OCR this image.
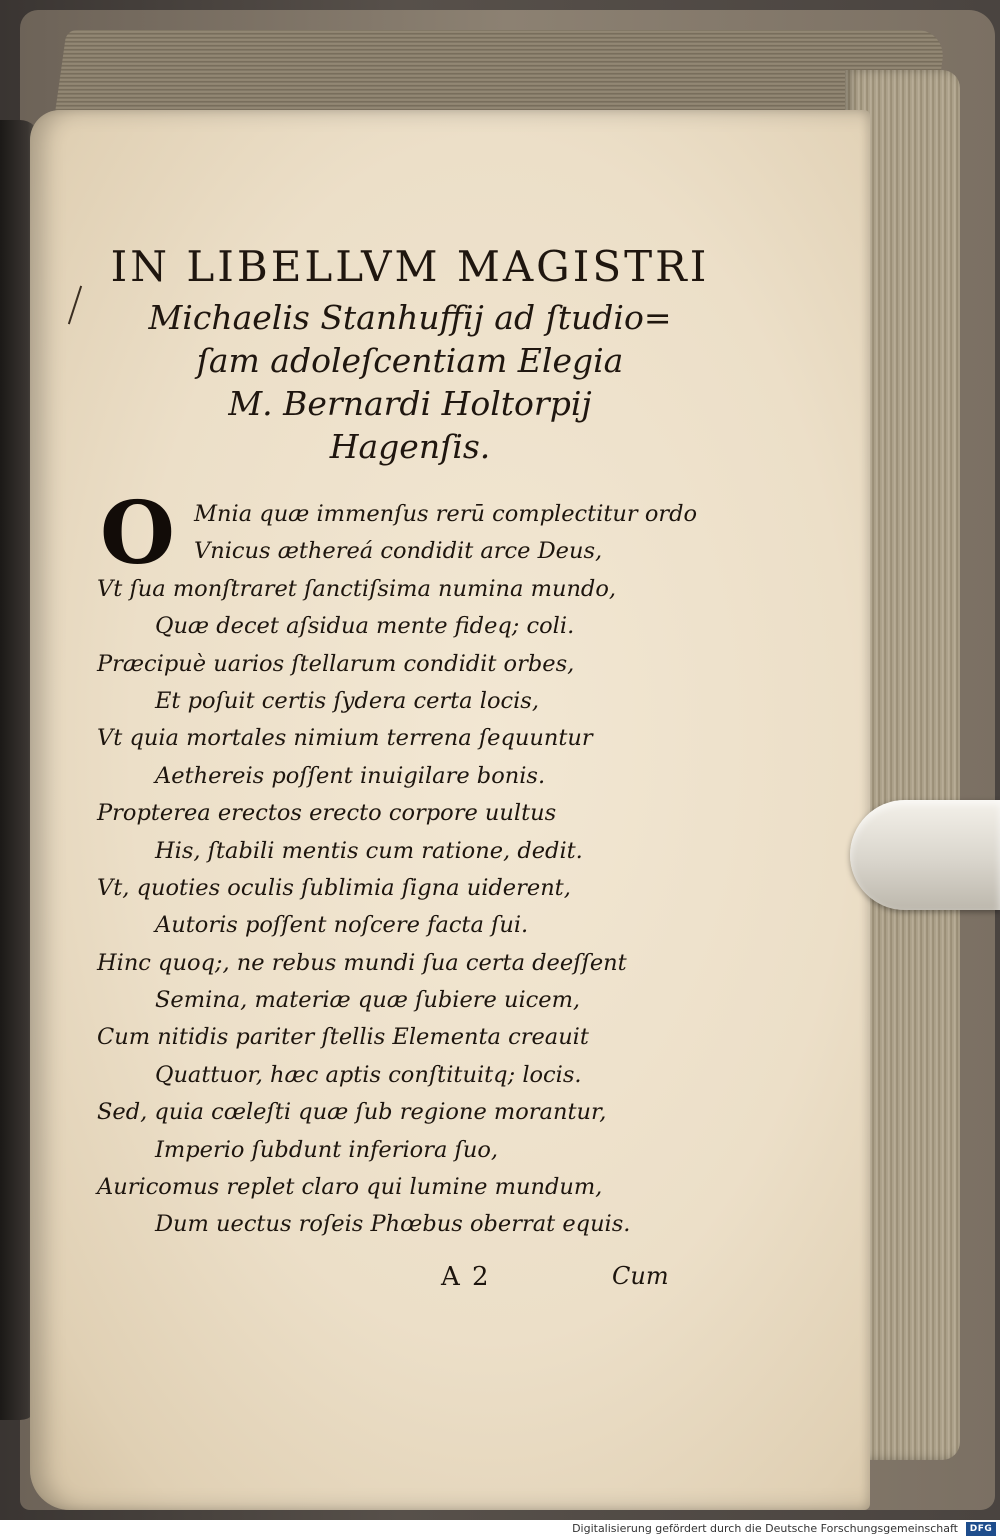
IN LIBELLVM MAGISTRI
Michaelis Stanhuffij ad ſtudio=
ſam adoleſcentiam Elegia
M. Bernardi Holtorpij
Hagenſis.
O Mnia quæ immenſus rerū complectitur ordo
Vnicus æthereá condidit arce Deus,
Vt ſua monſtraret ſanctiſsima numina mundo,
Quæ decet aſsidua mente fideq; coli.
Præcipuè uarios ſtellarum condidit orbes,
Et poſuit certis ſydera certa locis,
Vt quia mortales nimium terrena ſequuntur
Aethereis poſſent inuigilare bonis.
Propterea erectos erecto corpore uultus
His, ſtabili mentis cum ratione, dedit.
Vt, quoties oculis ſublimia ſigna uiderent,
Autoris poſſent noſcere facta ſui.
Hinc quoq;, ne rebus mundi ſua certa deeſſent
Semina, materiæ quæ ſubiere uicem,
Cum nitidis pariter ſtellis Elementa creauit
Quattuor, hæc aptis conſtituitq; locis.
Sed, quia cœleſti quæ ſub regione morantur,
Imperio ſubdunt inferiora ſuo,
Auricomus replet claro qui lumine mundum,
Dum uectus roſeis Phœbus oberrat equis.
A 2	Cum
Digitalisierung gefördert durch die Deutsche Forschungsgemeinschaft	DFG
